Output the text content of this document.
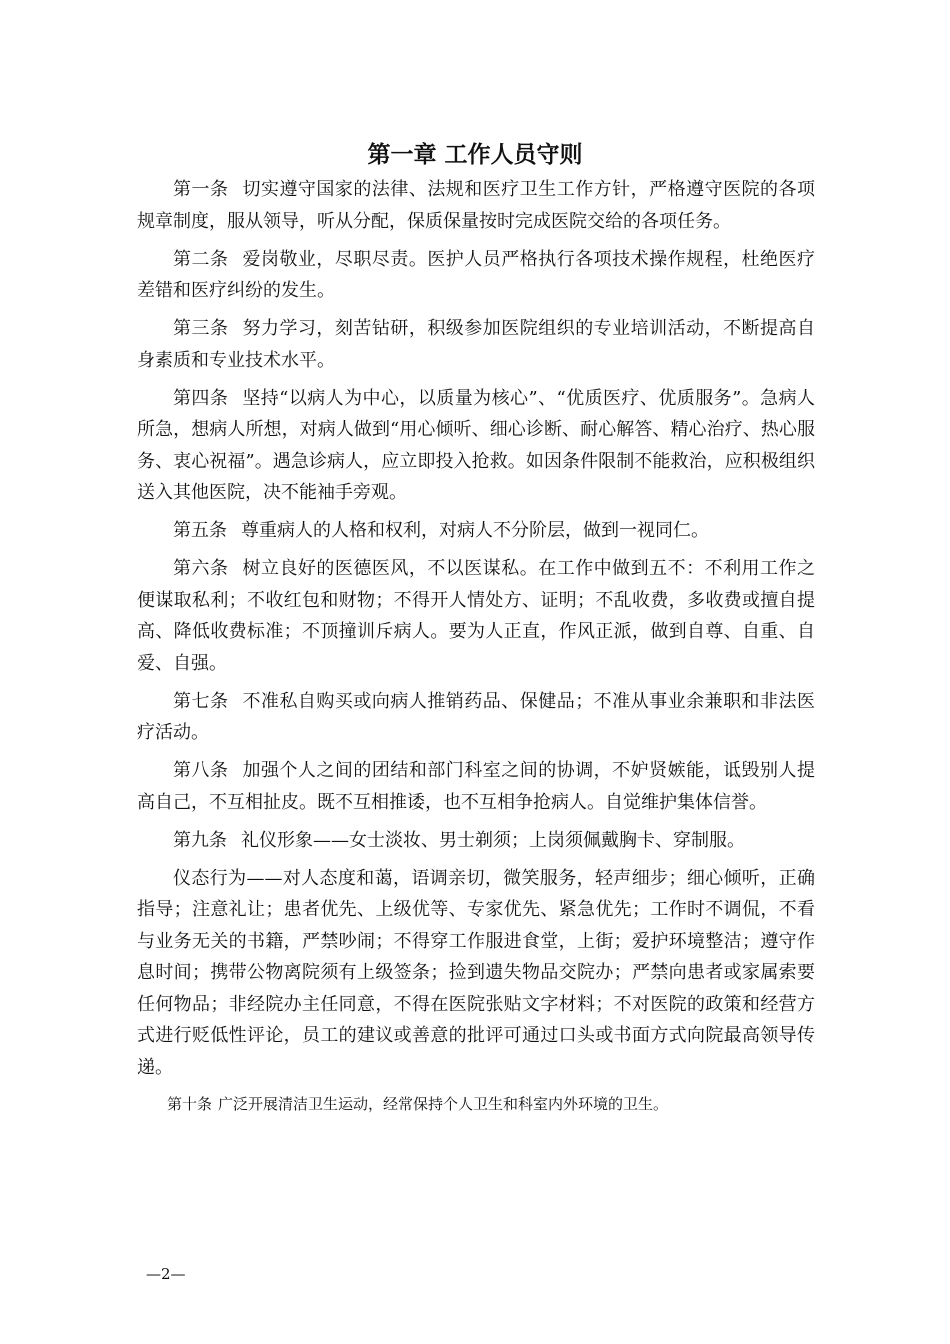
第一章 工作人员守则

第一条 切实遵守国家的法律、法规和医疗卫生工作方针，严格遵守医院的各项规章制度，服从领导，听从分配，保质保量按时完成医院交给的各项任务。

第二条 爱岗敬业，尽职尽责。医护人员严格执行各项技术操作规程，杜绝医疗差错和医疗纠纷的发生。

第三条 努力学习，刻苦钻研，积级参加医院组织的专业培训活动，不断提高自身素质和专业技术水平。

第四条 坚持“以病人为中心，以质量为核心”、“优质医疗、优质服务”。急病人所急，想病人所想，对病人做到“用心倾听、细心诊断、耐心解答、精心治疗、热心服务、衷心祝福”。遇急诊病人，应立即投入抢救。如因条件限制不能救治，应积极组织送入其他医院，决不能袖手旁观。

第五条 尊重病人的人格和权利，对病人不分阶层，做到一视同仁。

第六条 树立良好的医德医风，不以医谋私。在工作中做到五不：不利用工作之便谋取私利；不收红包和财物；不得开人情处方、证明；不乱收费，多收费或擅自提高、降低收费标准；不顶撞训斥病人。要为人正直，作风正派，做到自尊、自重、自爱、自强。

第七条 不准私自购买或向病人推销药品、保健品；不准从事业余兼职和非法医疗活动。

第八条 加强个人之间的团结和部门科室之间的协调，不妒贤嫉能，诋毁别人提高自己，不互相扯皮。既不互相推诿，也不互相争抢病人。自觉维护集体信誉。

第九条 礼仪形象——女士淡妆、男士剃须；上岗须佩戴胸卡、穿制服。

仪态行为——对人态度和蔼，语调亲切，微笑服务，轻声细步；细心倾听，正确指导；注意礼让；患者优先、上级优等、专家优先、紧急优先；工作时不调侃，不看与业务无关的书籍，严禁吵闹；不得穿工作服进食堂，上街；爱护环境整洁；遵守作息时间；携带公物离院须有上级签条；捡到遗失物品交院办；严禁向患者或家属索要任何物品；非经院办主任同意，不得在医院张贴文字材料；不对医院的政策和经营方式进行贬低性评论，员工的建议或善意的批评可通过口头或书面方式向院最高领导传递。

第十条 广泛开展清洁卫生运动，经常保持个人卫生和科室内外环境的卫生。

—2—
